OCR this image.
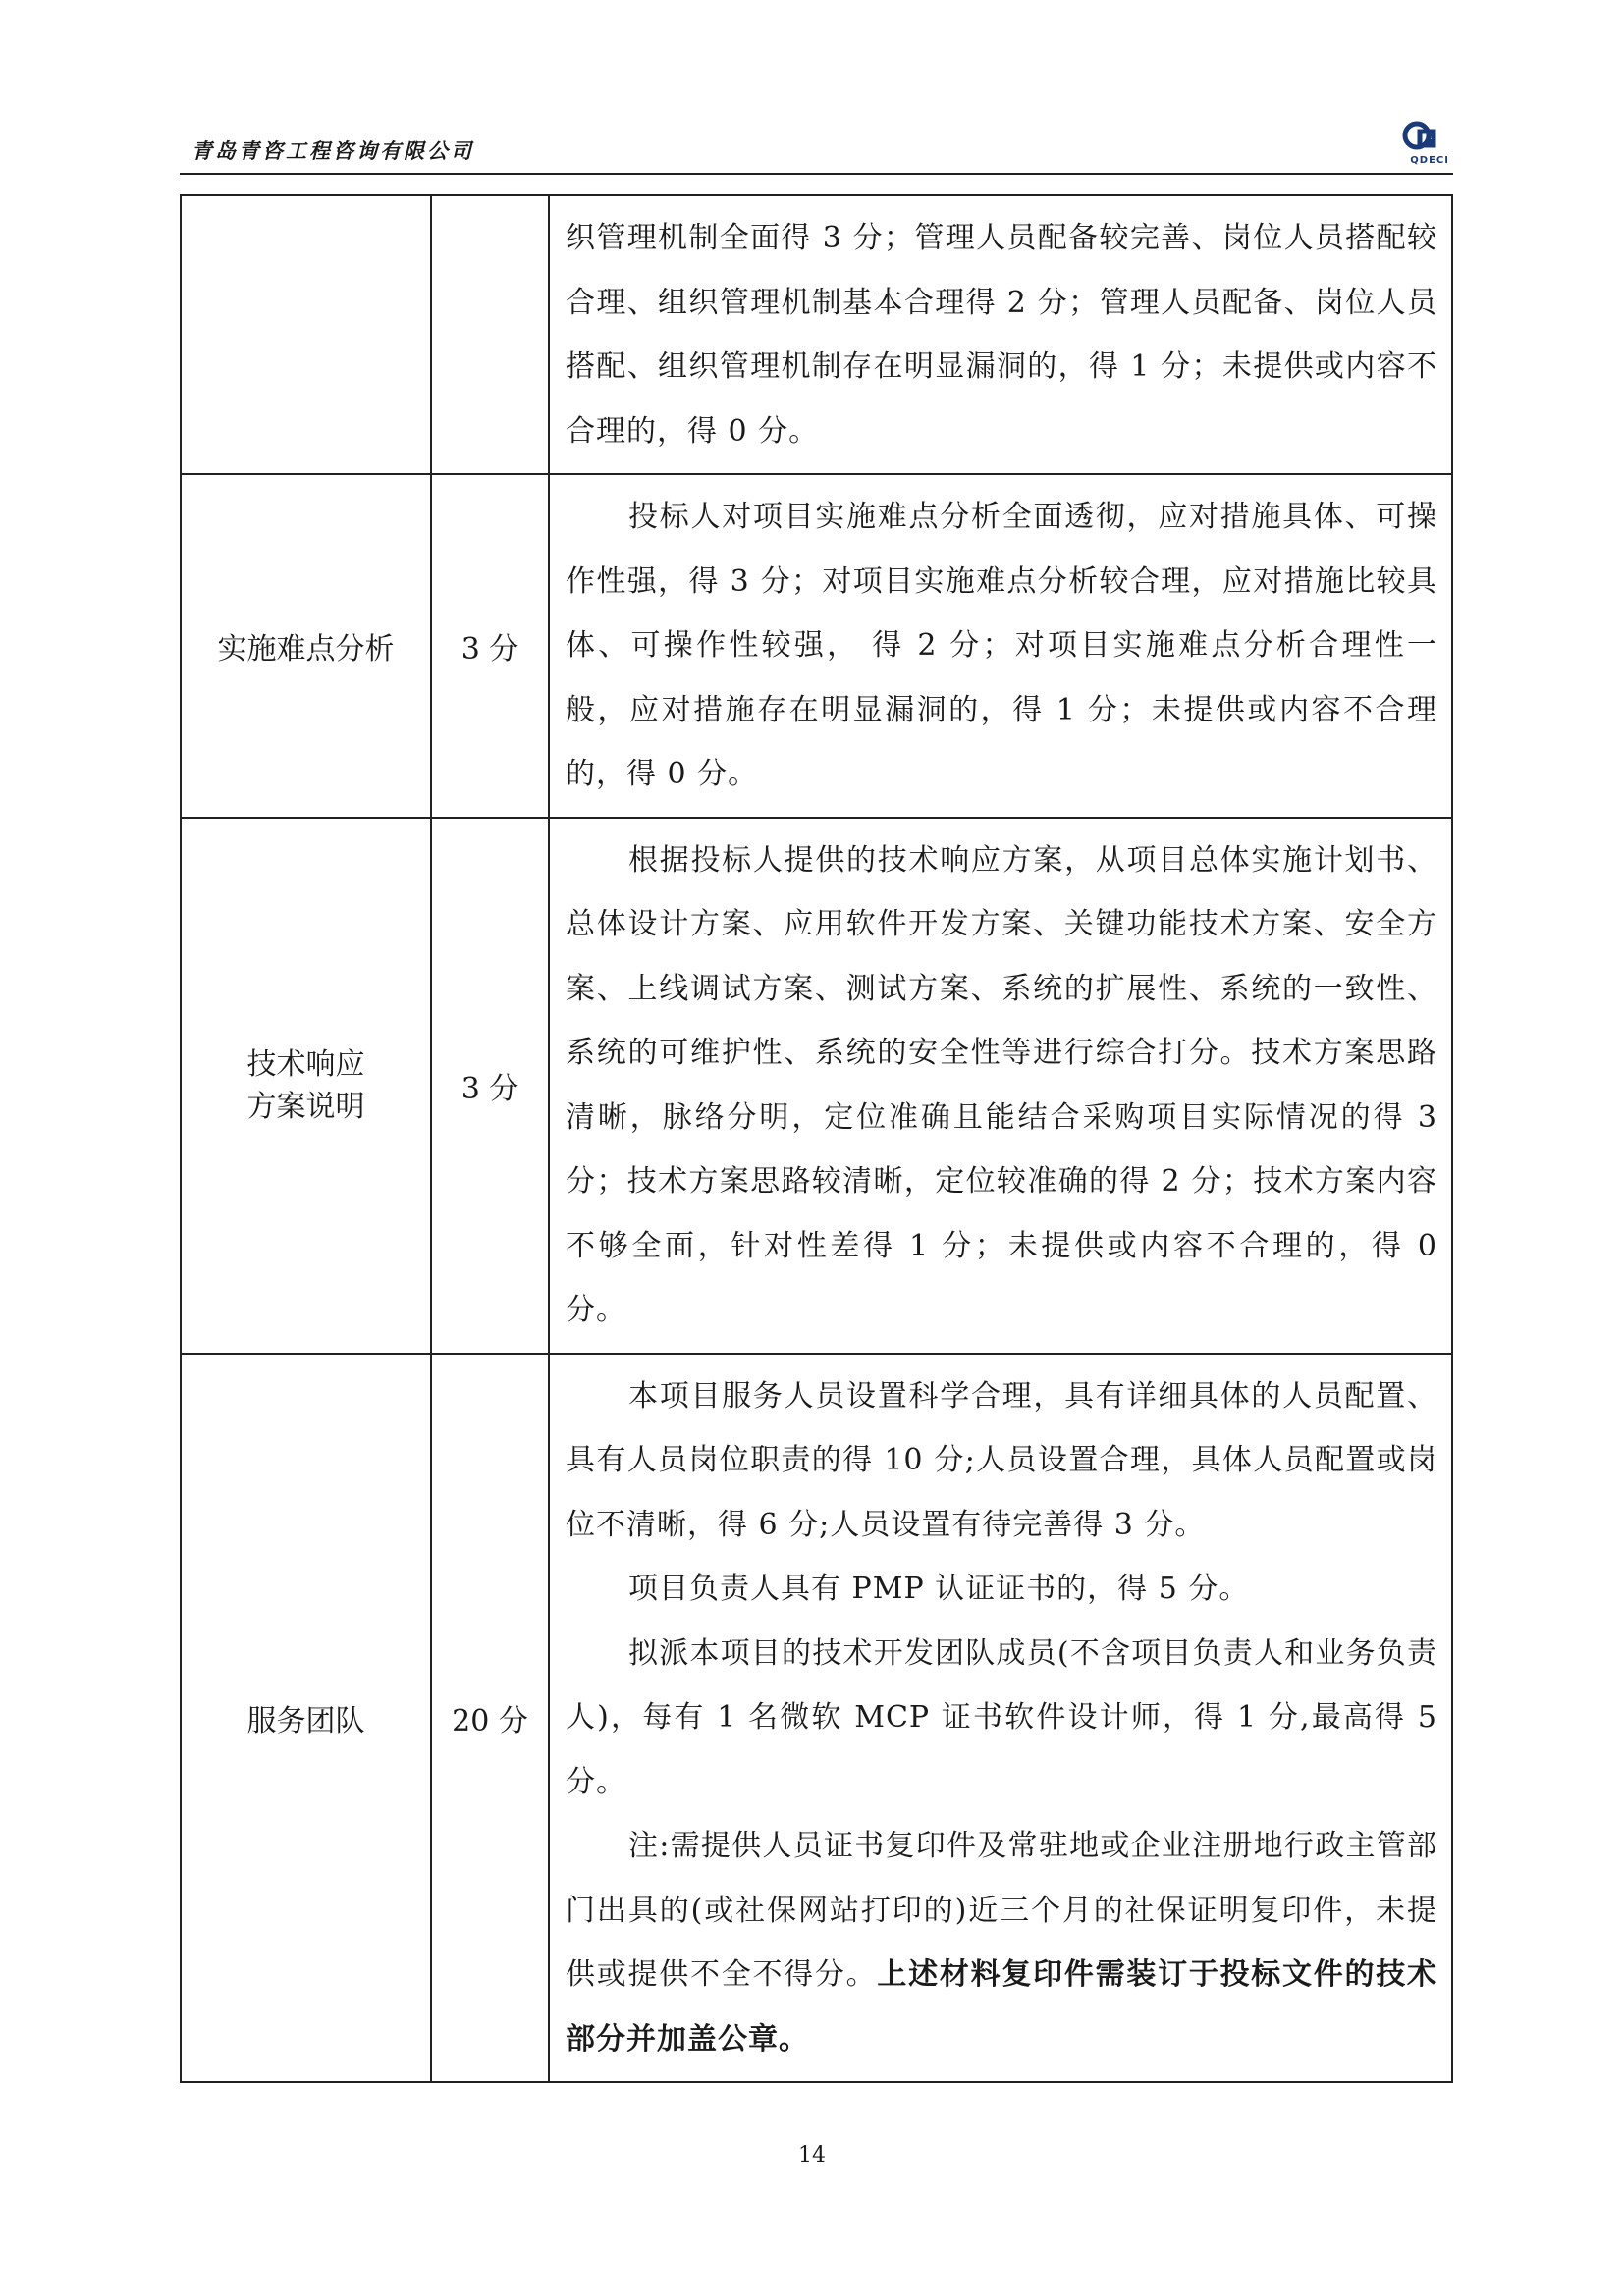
青岛青咨工程咨询有限公司	QDECI

		织管理机制全面得 3 分；管理人员配备较完善、岗位人员搭配较合理、组织管理机制基本合理得 2 分；管理人员配备、岗位人员搭配、组织管理机制存在明显漏洞的，得 1 分；未提供或内容不合理的，得 0 分。

实施难点分析	3 分	投标人对项目实施难点分析全面透彻，应对措施具体、可操作性强，得 3 分；对项目实施难点分析较合理，应对措施比较具体、可操作性较强， 得 2 分；对项目实施难点分析合理性一般，应对措施存在明显漏洞的，得 1 分；未提供或内容不合理的，得 0 分。

技术响应
方案说明	3 分	根据投标人提供的技术响应方案，从项目总体实施计划书、总体设计方案、应用软件开发方案、关键功能技术方案、安全方案、上线调试方案、测试方案、系统的扩展性、系统的一致性、系统的可维护性、系统的安全性等进行综合打分。技术方案思路清晰，脉络分明，定位准确且能结合采购项目实际情况的得 3 分；技术方案思路较清晰，定位较准确的得 2 分；技术方案内容不够全面，针对性差得 1 分；未提供或内容不合理的，得 0 分。

服务团队	20 分	本项目服务人员设置科学合理，具有详细具体的人员配置、具有人员岗位职责的得 10 分;人员设置合理，具体人员配置或岗位不清晰，得 6 分;人员设置有待完善得 3 分。

项目负责人具有 PMP 认证证书的，得 5 分。

拟派本项目的技术开发团队成员(不含项目负责人和业务负责人)，每有 1 名微软 MCP 证书软件设计师，得 1 分,最高得 5 分。

注:需提供人员证书复印件及常驻地或企业注册地行政主管部门出具的(或社保网站打印的)近三个月的社保证明复印件，未提供或提供不全不得分。上述材料复印件需装订于投标文件的技术部分并加盖公章。

14
